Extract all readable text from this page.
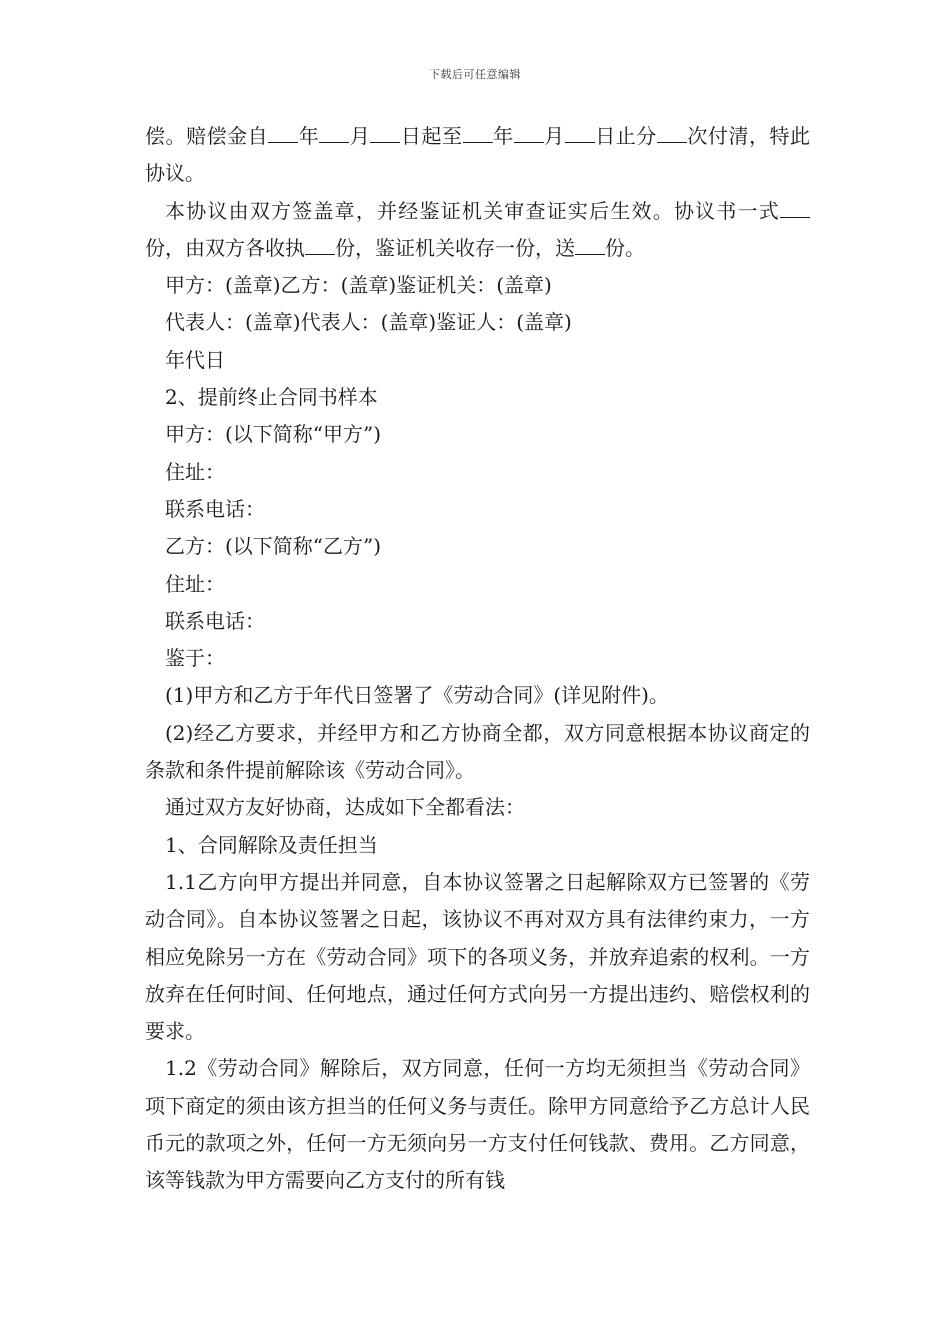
下载后可任意编辑

偿。赔偿金自 年 月 日起至 年 月 日止分 次付清，特此协议。

本协议由双方签盖章，并经鉴证机关审查证实后生效。协议书一式份，由双方各收执 份，鉴证机关收存一份，送 份。

甲方：(盖章)乙方：(盖章)鉴证机关：(盖章)

代表人：(盖章)代表人：(盖章)鉴证人：(盖章)

年代日

2、提前终止合同书样本

甲方：(以下简称“甲方”)

住址：

联系电话：

乙方：(以下简称“乙方”)

住址：

联系电话：

鉴于：

(1)甲方和乙方于年代日签署了《劳动合同》(详见附件)。

(2)经乙方要求，并经甲方和乙方协商全都，双方同意根据本协议商定的条款和条件提前解除该《劳动合同》。

通过双方友好协商，达成如下全都看法：

1、合同解除及责任担当

1.1乙方向甲方提出并同意，自本协议签署之日起解除双方已签署的《劳动合同》。自本协议签署之日起，该协议不再对双方具有法律约束力，一方相应免除另一方在《劳动合同》项下的各项义务，并放弃追索的权利。一方放弃在任何时间、任何地点，通过任何方式向另一方提出违约、赔偿权利的要求。

1.2《劳动合同》解除后，双方同意，任何一方均无须担当《劳动合同》项下商定的须由该方担当的任何义务与责任。除甲方同意给予乙方总计人民币元的款项之外，任何一方无须向另一方支付任何钱款、费用。乙方同意，该等钱款为甲方需要向乙方支付的所有钱
